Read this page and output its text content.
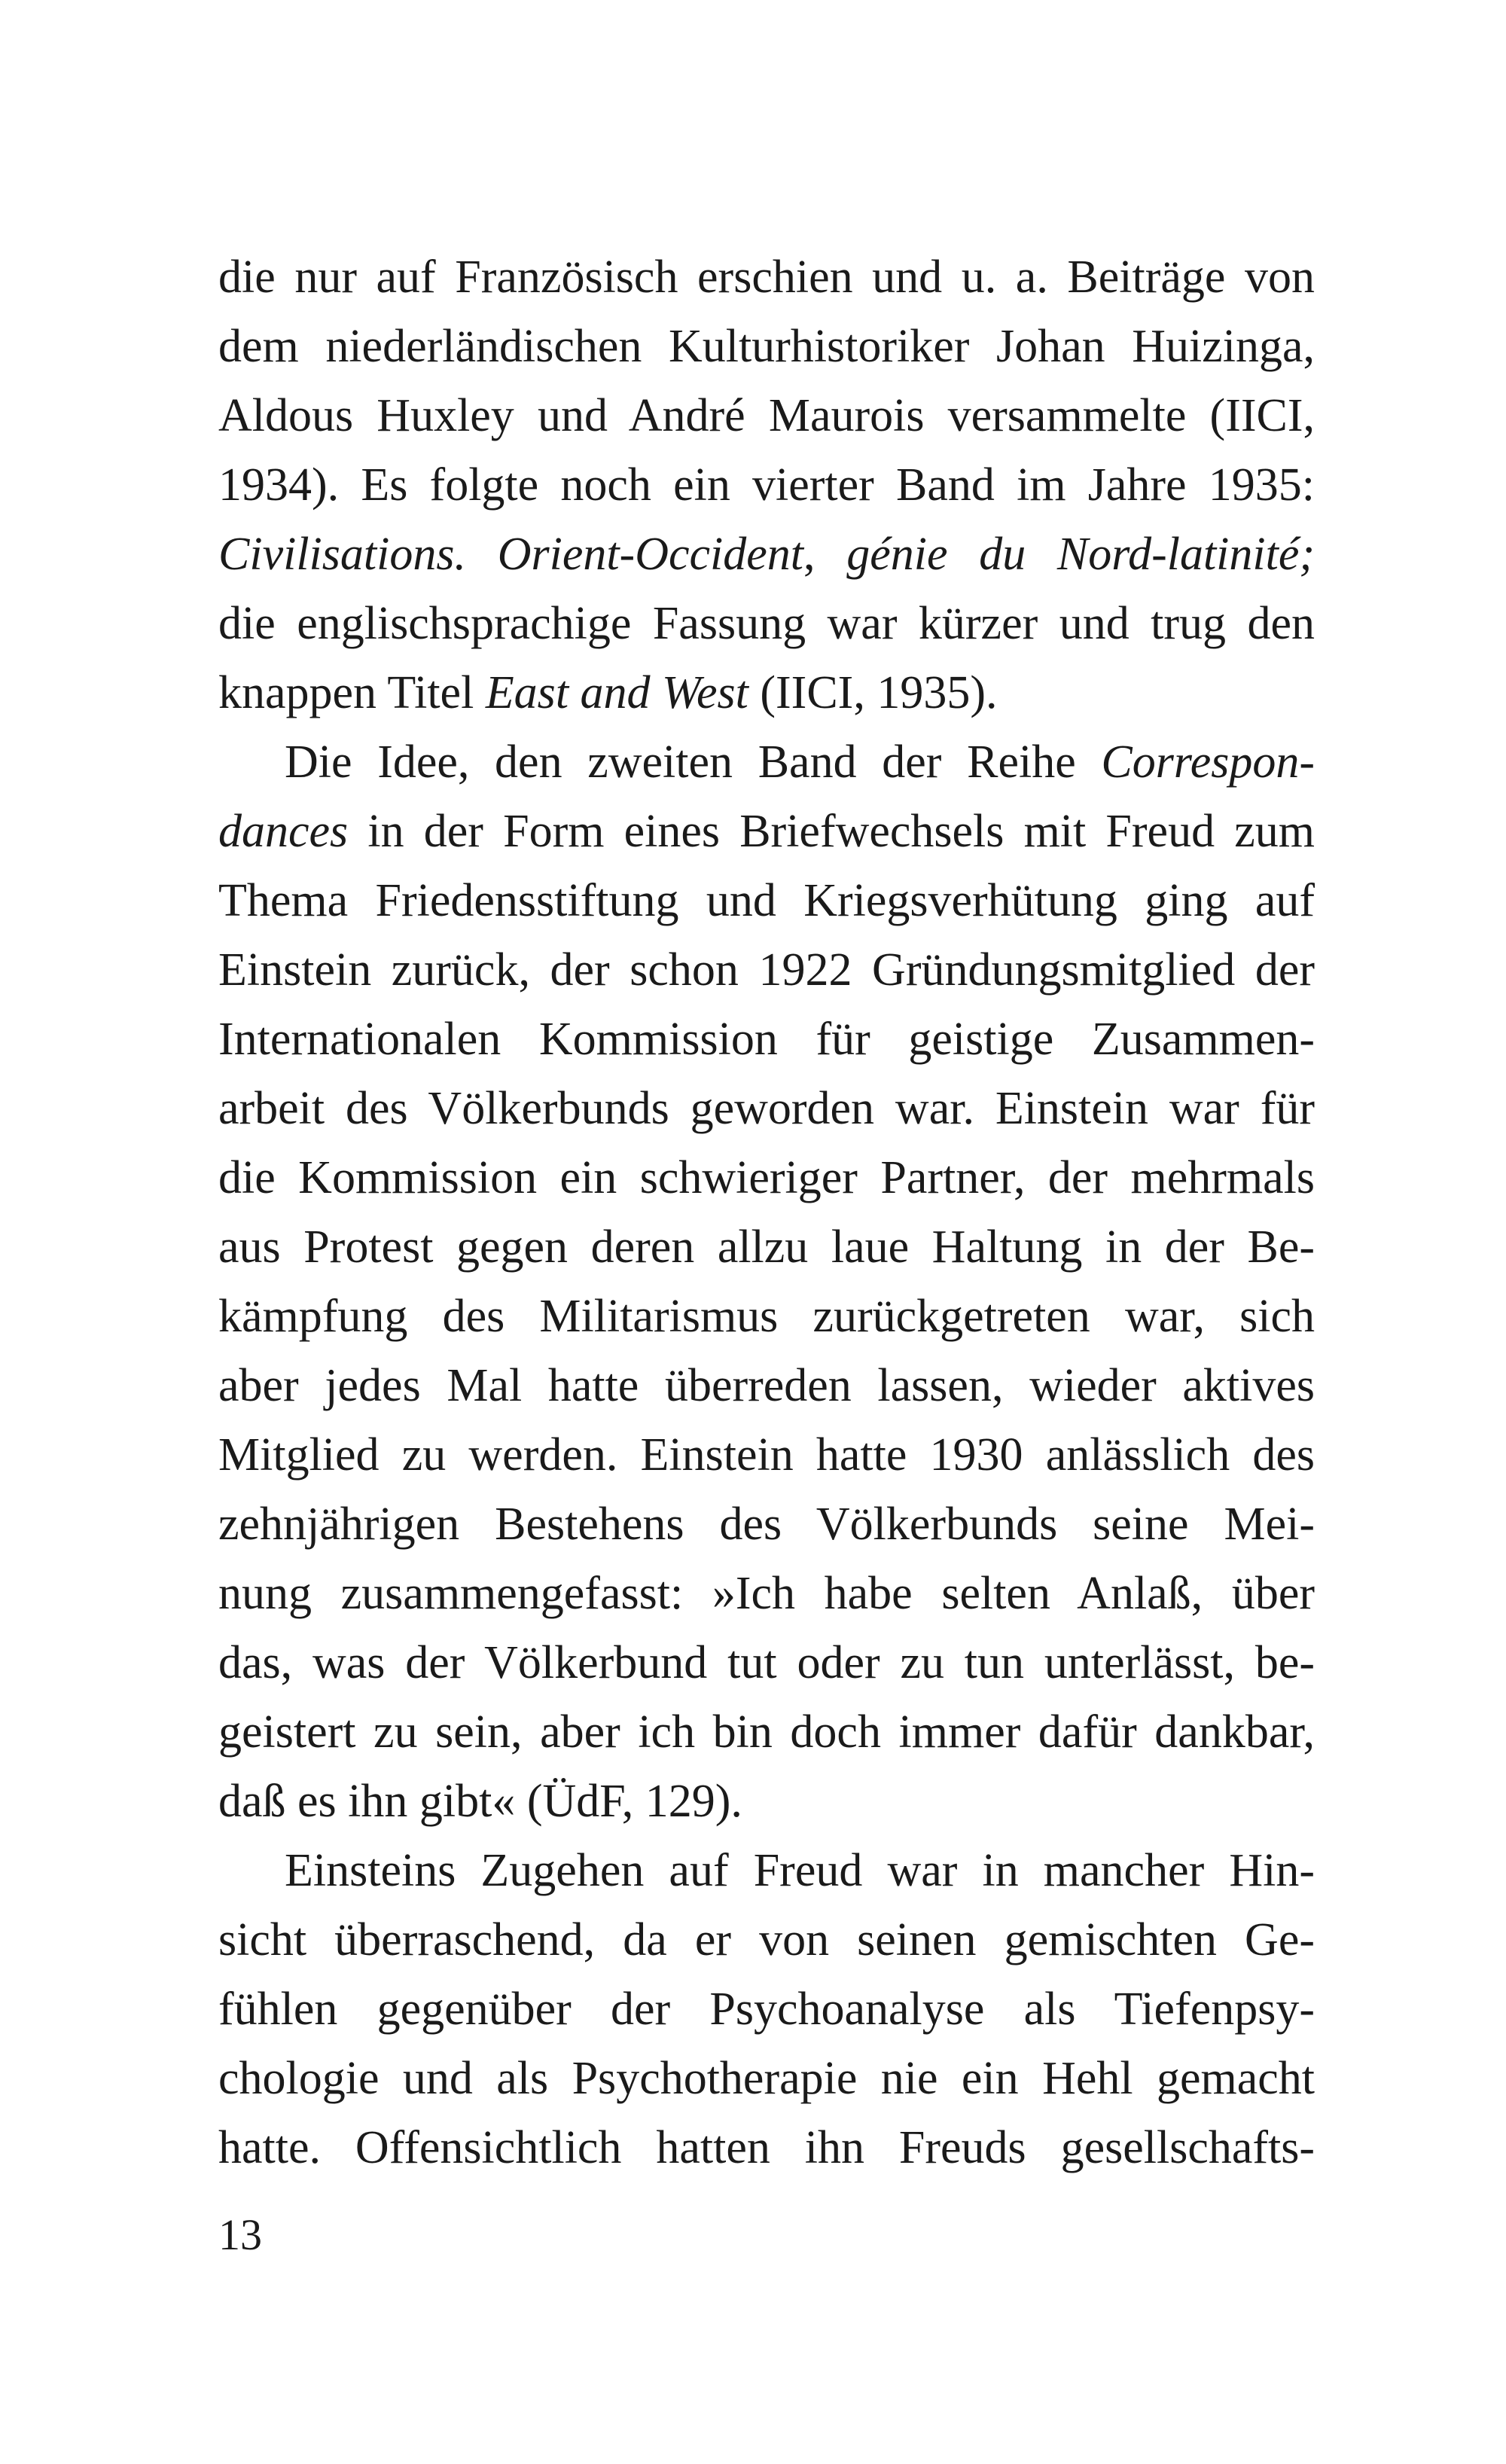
die nur auf Französisch erschien und u. a. Beiträge von
dem niederländischen Kulturhistoriker Johan Huizinga,
Aldous Huxley und André Maurois versammelte (IICI,
1934). Es folgte noch ein vierter Band im Jahre 1935:
Civilisations. Orient-Occident, génie du Nord-latinité;
die englischsprachige Fassung war kürzer und trug den
knappen Titel East and West (IICI, 1935).
Die Idee, den zweiten Band der Reihe Correspon-
dances in der Form eines Briefwechsels mit Freud zum
Thema Friedensstiftung und Kriegsverhütung ging auf
Einstein zurück, der schon 1922 Gründungsmitglied der
Internationalen Kommission für geistige Zusammen-
arbeit des Völkerbunds geworden war. Einstein war für
die Kommission ein schwieriger Partner, der mehrmals
aus Protest gegen deren allzu laue Haltung in der Be-
kämpfung des Militarismus zurückgetreten war, sich
aber jedes Mal hatte überreden lassen, wieder aktives
Mitglied zu werden. Einstein hatte 1930 anlässlich des
zehnjährigen Bestehens des Völkerbunds seine Mei-
nung zusammengefasst: »Ich habe selten Anlaß, über
das, was der Völkerbund tut oder zu tun unterlässt, be-
geistert zu sein, aber ich bin doch immer dafür dankbar,
daß es ihn gibt« (ÜdF, 129).
Einsteins Zugehen auf Freud war in mancher Hin-
sicht überraschend, da er von seinen gemischten Ge-
fühlen gegenüber der Psychoanalyse als Tiefenpsy-
chologie und als Psychotherapie nie ein Hehl gemacht
hatte. Offensichtlich hatten ihn Freuds gesellschafts-
13
